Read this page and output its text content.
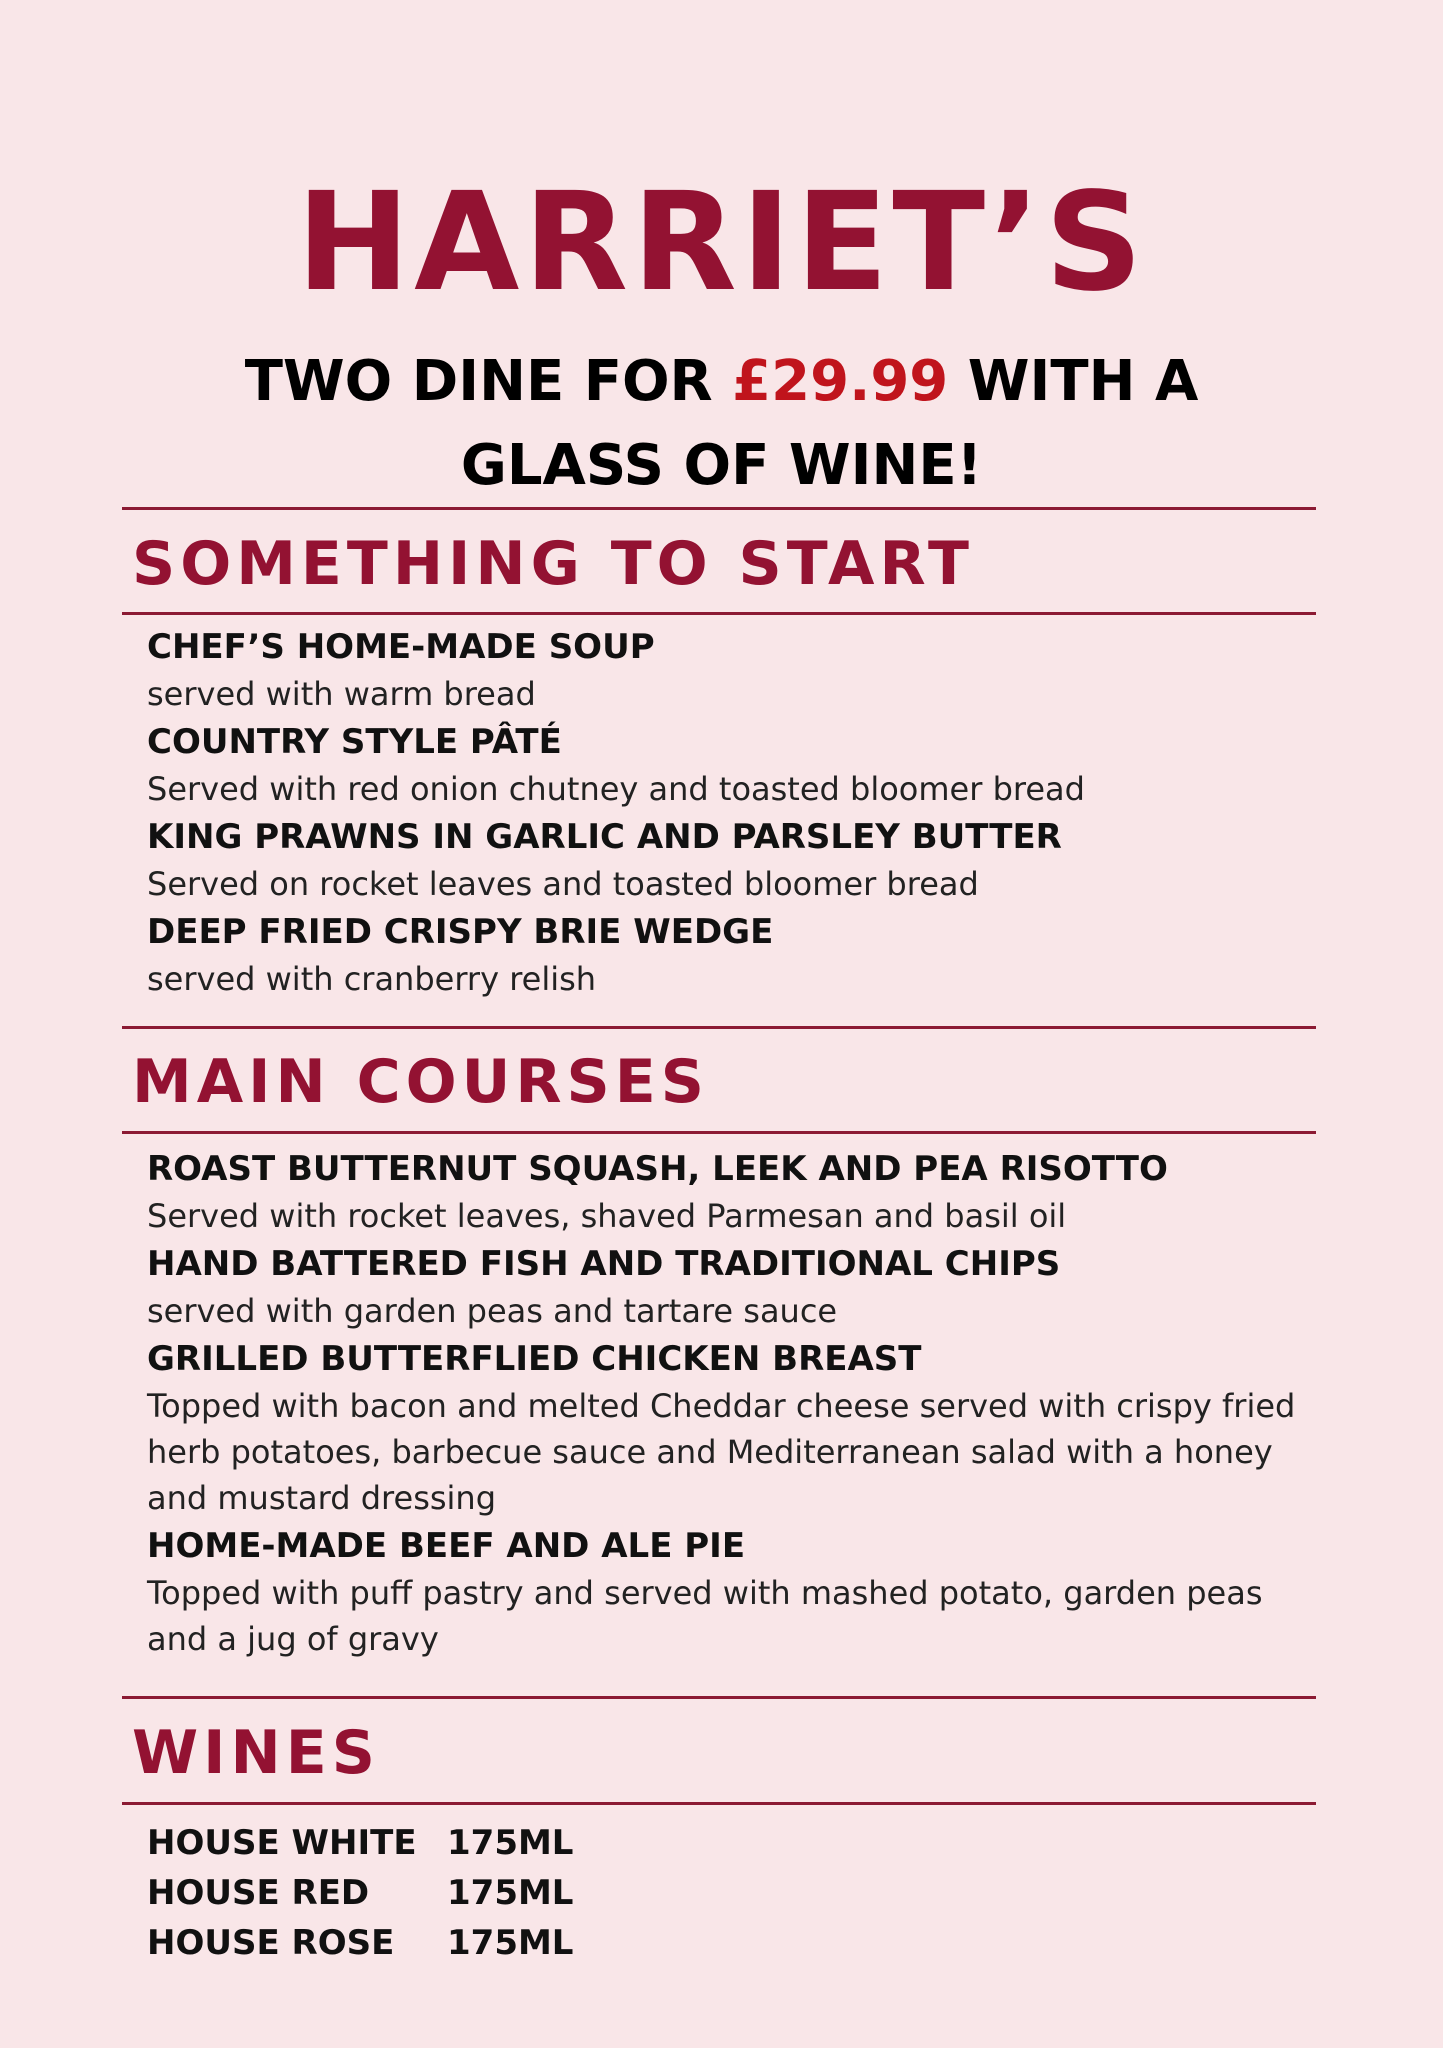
HARRIET’S
TWO DINE FOR £29.99 WITH A
GLASS OF WINE!
SOMETHING TO START
CHEF’S HOME-MADE SOUP
served with warm bread
COUNTRY STYLE PÂTÉ
Served with red onion chutney and toasted bloomer bread
KING PRAWNS IN GARLIC AND PARSLEY BUTTER
Served on rocket leaves and toasted bloomer bread
DEEP FRIED CRISPY BRIE WEDGE
served with cranberry relish
MAIN COURSES
ROAST BUTTERNUT SQUASH, LEEK AND PEA RISOTTO
Served with rocket leaves, shaved Parmesan and basil oil
HAND BATTERED FISH AND TRADITIONAL CHIPS
served with garden peas and tartare sauce
GRILLED BUTTERFLIED CHICKEN BREAST
Topped with bacon and melted Cheddar cheese served with crispy fried herb potatoes, barbecue sauce and Mediterranean salad with a honey and mustard dressing
HOME-MADE BEEF AND ALE PIE
Topped with puff pastry and served with mashed potato, garden peas and a jug of gravy
WINES
HOUSE WHITE 175ML
HOUSE RED	175ML
HOUSE ROSE	175ML
